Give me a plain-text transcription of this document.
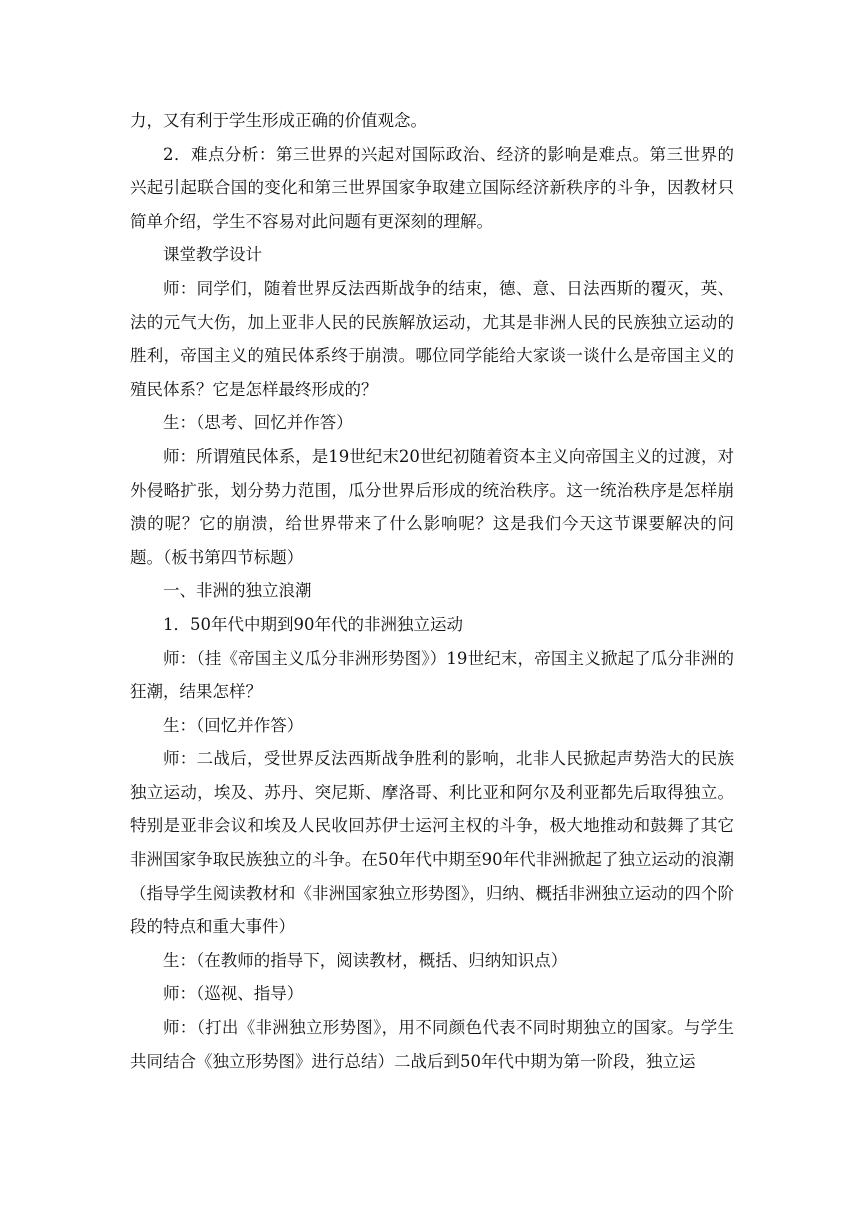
力，又有利于学生形成正确的价值观念。

2．难点分析：第三世界的兴起对国际政治、经济的影响是难点。第三世界的兴起引起联合国的变化和第三世界国家争取建立国际经济新秩序的斗争，因教材只简单介绍，学生不容易对此问题有更深刻的理解。

课堂教学设计

师：同学们，随着世界反法西斯战争的结束，德、意、日法西斯的覆灭，英、法的元气大伤，加上亚非人民的民族解放运动，尤其是非洲人民的民族独立运动的胜利，帝国主义的殖民体系终于崩溃。哪位同学能给大家谈一谈什么是帝国主义的殖民体系？它是怎样最终形成的？

生：（思考、回忆并作答）

师：所谓殖民体系，是19世纪末20世纪初随着资本主义向帝国主义的过渡，对外侵略扩张，划分势力范围，瓜分世界后形成的统治秩序。这一统治秩序是怎样崩溃的呢？它的崩溃，给世界带来了什么影响呢？这是我们今天这节课要解决的问题。（板书第四节标题）

一、非洲的独立浪潮

1．50年代中期到90年代的非洲独立运动

师：（挂《帝国主义瓜分非洲形势图》）19世纪末，帝国主义掀起了瓜分非洲的狂潮，结果怎样？

生：（回忆并作答）

师：二战后，受世界反法西斯战争胜利的影响，北非人民掀起声势浩大的民族独立运动，埃及、苏丹、突尼斯、摩洛哥、利比亚和阿尔及利亚都先后取得独立。特别是亚非会议和埃及人民收回苏伊士运河主权的斗争，极大地推动和鼓舞了其它非洲国家争取民族独立的斗争。在50年代中期至90年代非洲掀起了独立运动的浪潮（指导学生阅读教材和《非洲国家独立形势图》，归纳、概括非洲独立运动的四个阶段的特点和重大事件）

生：（在教师的指导下，阅读教材，概括、归纳知识点）

师：（巡视、指导）

师：（打出《非洲独立形势图》，用不同颜色代表不同时期独立的国家。与学生共同结合《独立形势图》进行总结）二战后到50年代中期为第一阶段，独立运
